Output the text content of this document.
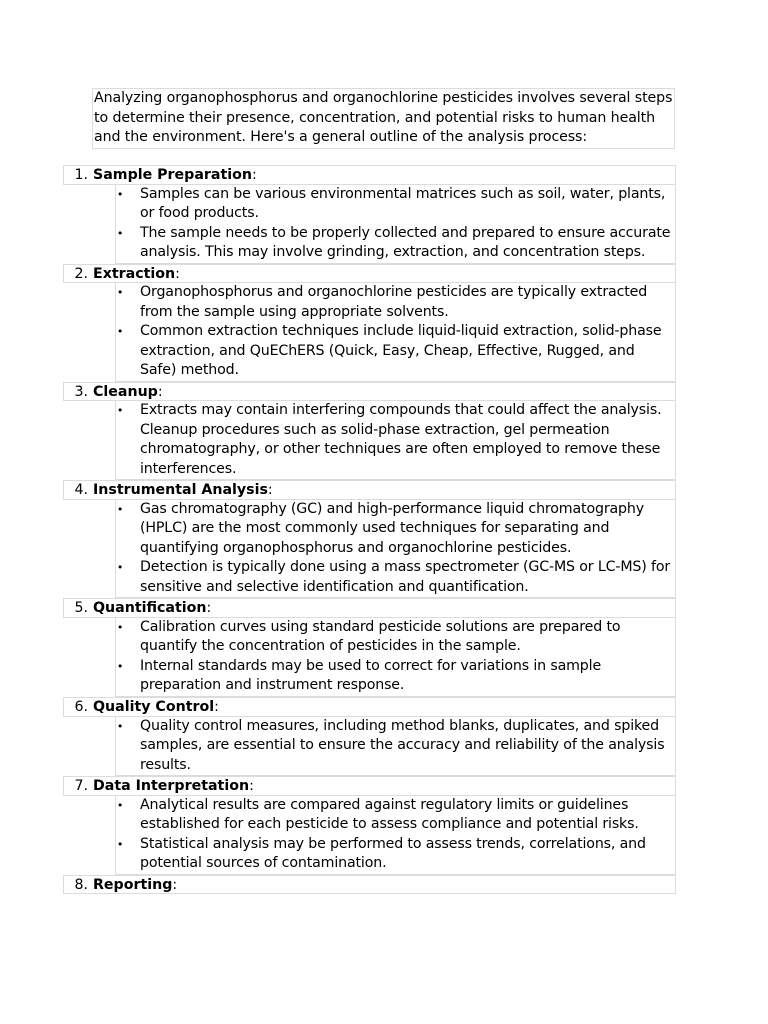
Analyzing organophosphorus and organochlorine pesticides involves several steps to determine their presence, concentration, and potential risks to human health and the environment. Here's a general outline of the analysis process:
1. Sample Preparation:
• Samples can be various environmental matrices such as soil, water, plants, or food products.
• The sample needs to be properly collected and prepared to ensure accurate analysis. This may involve grinding, extraction, and concentration steps.
2. Extraction:
• Organophosphorus and organochlorine pesticides are typically extracted from the sample using appropriate solvents.
• Common extraction techniques include liquid-liquid extraction, solid-phase extraction, and QuEChERS (Quick, Easy, Cheap, Effective, Rugged, and Safe) method.
3. Cleanup:
• Extracts may contain interfering compounds that could affect the analysis. Cleanup procedures such as solid-phase extraction, gel permeation chromatography, or other techniques are often employed to remove these interferences.
4. Instrumental Analysis:
• Gas chromatography (GC) and high-performance liquid chromatography (HPLC) are the most commonly used techniques for separating and quantifying organophosphorus and organochlorine pesticides.
• Detection is typically done using a mass spectrometer (GC-MS or LC-MS) for sensitive and selective identification and quantification.
5. Quantification:
• Calibration curves using standard pesticide solutions are prepared to quantify the concentration of pesticides in the sample.
• Internal standards may be used to correct for variations in sample preparation and instrument response.
6. Quality Control:
• Quality control measures, including method blanks, duplicates, and spiked samples, are essential to ensure the accuracy and reliability of the analysis results.
7. Data Interpretation:
• Analytical results are compared against regulatory limits or guidelines established for each pesticide to assess compliance and potential risks.
• Statistical analysis may be performed to assess trends, correlations, and potential sources of contamination.
8. Reporting:
